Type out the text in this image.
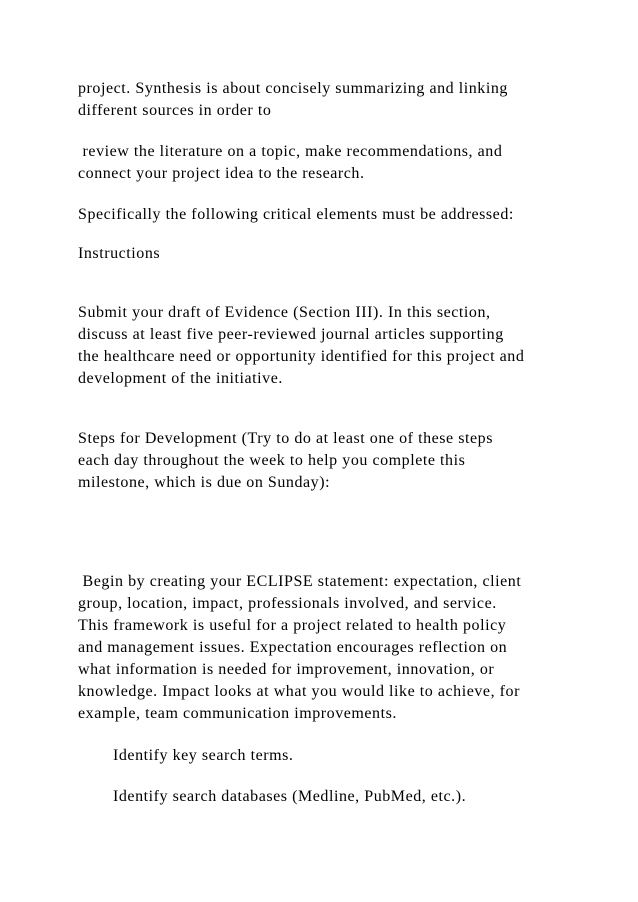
project. Synthesis is about concisely summarizing and linking

different sources in order to

review the literature on a topic, make recommendations, and

connect your project idea to the research.

Specifically the following critical elements must be addressed:

Instructions

Submit your draft of Evidence (Section III). In this section,

discuss at least five peer-reviewed journal articles supporting

the healthcare need or opportunity identified for this project and

development of the initiative.

Steps for Development (Try to do at least one of these steps

each day throughout the week to help you complete this

milestone, which is due on Sunday):

Begin by creating your ECLIPSE statement: expectation, client

group, location, impact, professionals involved, and service.

This framework is useful for a project related to health policy

and management issues. Expectation encourages reflection on

what information is needed for improvement, innovation, or

knowledge. Impact looks at what you would like to achieve, for

example, team communication improvements.

Identify key search terms.

Identify search databases (Medline, PubMed, etc.).
